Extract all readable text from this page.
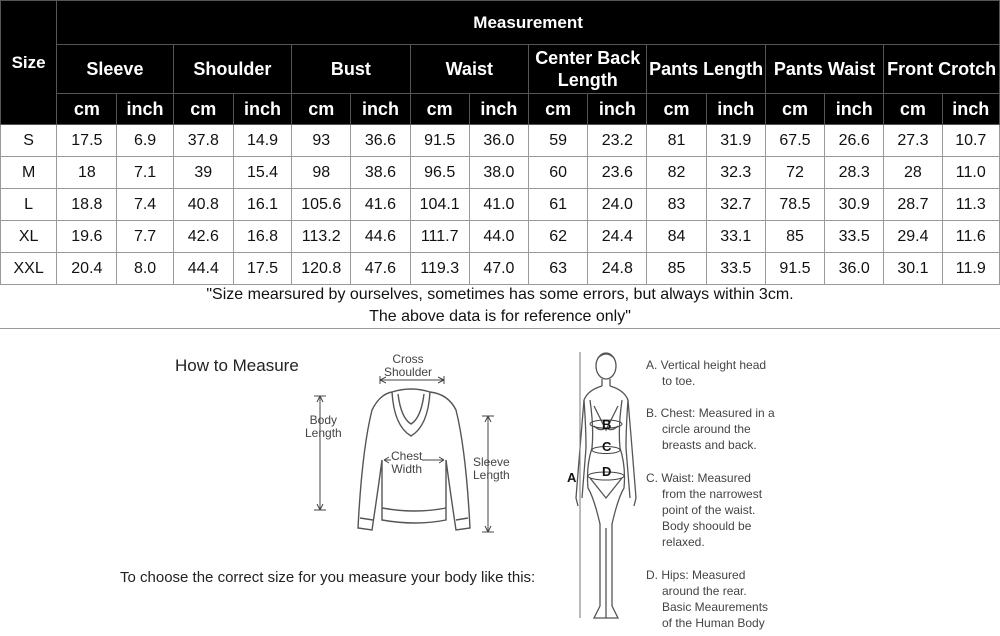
Size	Measurement															
	Sleeve		Shoulder		Bust		Waist		Center Back Length		Pants Length		Pants Waist		Front Crotch	
	cm	inch	cm	inch	cm	inch	cm	inch	cm	inch	cm	inch	cm	inch	cm	inch
S	17.5	6.9	37.8	14.9	93	36.6	91.5	36.0	59	23.2	81	31.9	67.5	26.6	27.3	10.7
M	18	7.1	39	15.4	98	38.6	96.5	38.0	60	23.6	82	32.3	72	28.3	28	11.0
L	18.8	7.4	40.8	16.1	105.6	41.6	104.1	41.0	61	24.0	83	32.7	78.5	30.9	28.7	11.3
XL	19.6	7.7	42.6	16.8	113.2	44.6	111.7	44.0	62	24.4	84	33.1	85	33.5	29.4	11.6
XXL	20.4	8.0	44.4	17.5	120.8	47.6	119.3	47.0	63	24.8	85	33.5	91.5	36.0	30.1	11.9
"Size mearsured by ourselves, sometimes has some errors, but always within 3cm.
The above data is for reference only"
How to Measure
To choose the correct size for you measure your body like this:
Cross
Shoulder
Body
Length
Chest
Width	Sleeve
Length	A
B
C
D
A. Vertical height head
to toe.
B. Chest: Measured in a
circle around the
breasts and back.
C. Waist: Measured
from the narrowest
point of the waist.
Body shoould be
relaxed.
D. Hips: Measured
around the rear.
Basic Meaurements
of the Human Body
